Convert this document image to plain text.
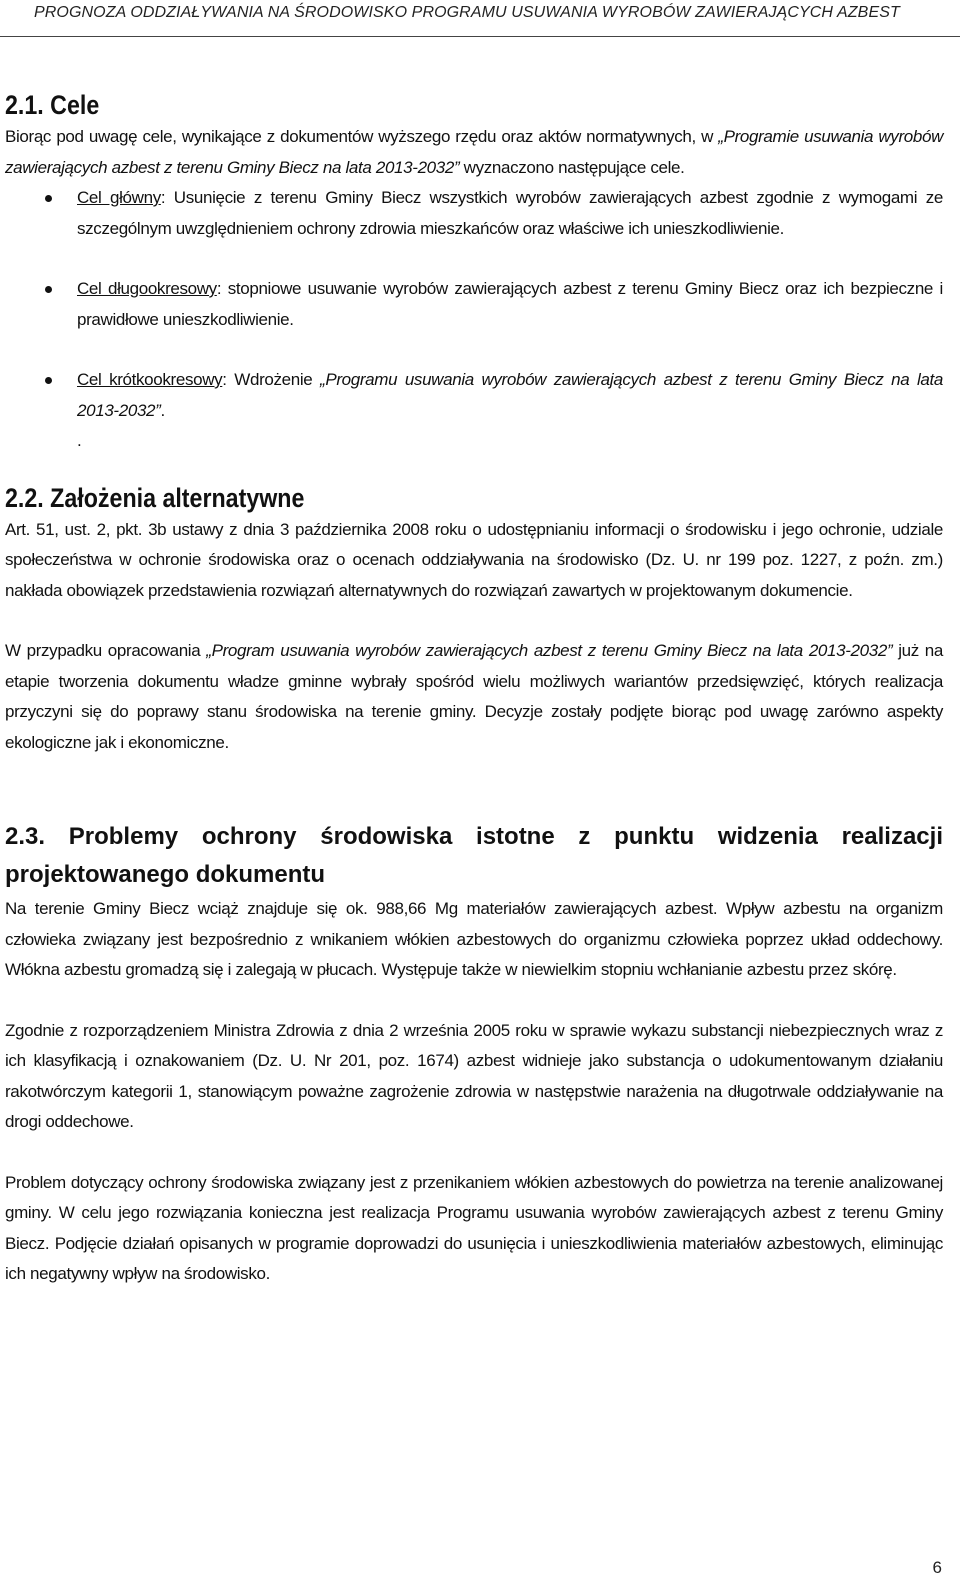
PROGNOZA ODDZIAŁYWANIA NA ŚRODOWISKO PROGRAMU USUWANIA WYROBÓW ZAWIERAJĄCYCH AZBEST
2.1. Cele

Biorąc pod uwagę cele, wynikające z dokumentów wyższego rzędu oraz aktów normatywnych, w „Programie usuwania wyrobów zawierających azbest z terenu Gminy Biecz na lata 2013-2032” wyznaczono następujące cele.

Cel główny: Usunięcie z terenu Gminy Biecz wszystkich wyrobów zawierających azbest zgodnie z wymogami ze szczególnym uwzględnieniem ochrony zdrowia mieszkańców oraz właściwe ich unieszkodliwienie.
Cel długookresowy: stopniowe usuwanie wyrobów zawierających azbest z terenu Gminy Biecz oraz ich bezpieczne i prawidłowe unieszkodliwienie.
Cel krótkookresowy: Wdrożenie „Programu usuwania wyrobów zawierających azbest z terenu Gminy Biecz na lata 2013-2032”.
.
2.2. Założenia alternatywne

Art. 51, ust. 2, pkt. 3b ustawy z dnia 3 października 2008 roku o udostępnianiu informacji o środowisku i jego ochronie, udziale społeczeństwa w ochronie środowiska oraz o ocenach oddziaływania na środowisko (Dz. U. nr 199 poz. 1227, z poźn. zm.) nakłada obowiązek przedstawienia rozwiązań alternatywnych do rozwiązań zawartych w projektowanym dokumencie.

W przypadku opracowania „Program usuwania wyrobów zawierających azbest z terenu Gminy Biecz na lata 2013-2032” już na etapie tworzenia dokumentu władze gminne wybrały spośród wielu możliwych wariantów przedsięwzięć, których realizacja przyczyni się do poprawy stanu środowiska na terenie gminy. Decyzje zostały podjęte biorąc pod uwagę zarówno aspekty ekologiczne jak i ekonomiczne.

2.3. Problemy ochrony środowiska istotne z punktu widzenia realizacji projektowanego dokumentu

Na terenie Gminy Biecz wciąż znajduje się ok. 988,66 Mg materiałów zawierających azbest. Wpływ azbestu na organizm człowieka związany jest bezpośrednio z wnikaniem włókien azbestowych do organizmu człowieka poprzez układ oddechowy. Włókna azbestu gromadzą się i zalegają w płucach. Występuje także w niewielkim stopniu wchłanianie azbestu przez skórę.

Zgodnie z rozporządzeniem Ministra Zdrowia z dnia 2 września 2005 roku w sprawie wykazu substancji niebezpiecznych wraz z ich klasyfikacją i oznakowaniem (Dz. U. Nr 201, poz. 1674) azbest widnieje jako substancja o udokumentowanym działaniu rakotwórczym kategorii 1, stanowiącym poważne zagrożenie zdrowia w następstwie narażenia na długotrwale oddziaływanie na drogi oddechowe.

Problem dotyczący ochrony środowiska związany jest z przenikaniem włókien azbestowych do powietrza na terenie analizowanej gminy. W celu jego rozwiązania konieczna jest realizacja Programu usuwania wyrobów zawierających azbest z terenu Gminy Biecz. Podjęcie działań opisanych w programie doprowadzi do usunięcia i unieszkodliwienia materiałów azbestowych, eliminując ich negatywny wpływ na środowisko.

6
